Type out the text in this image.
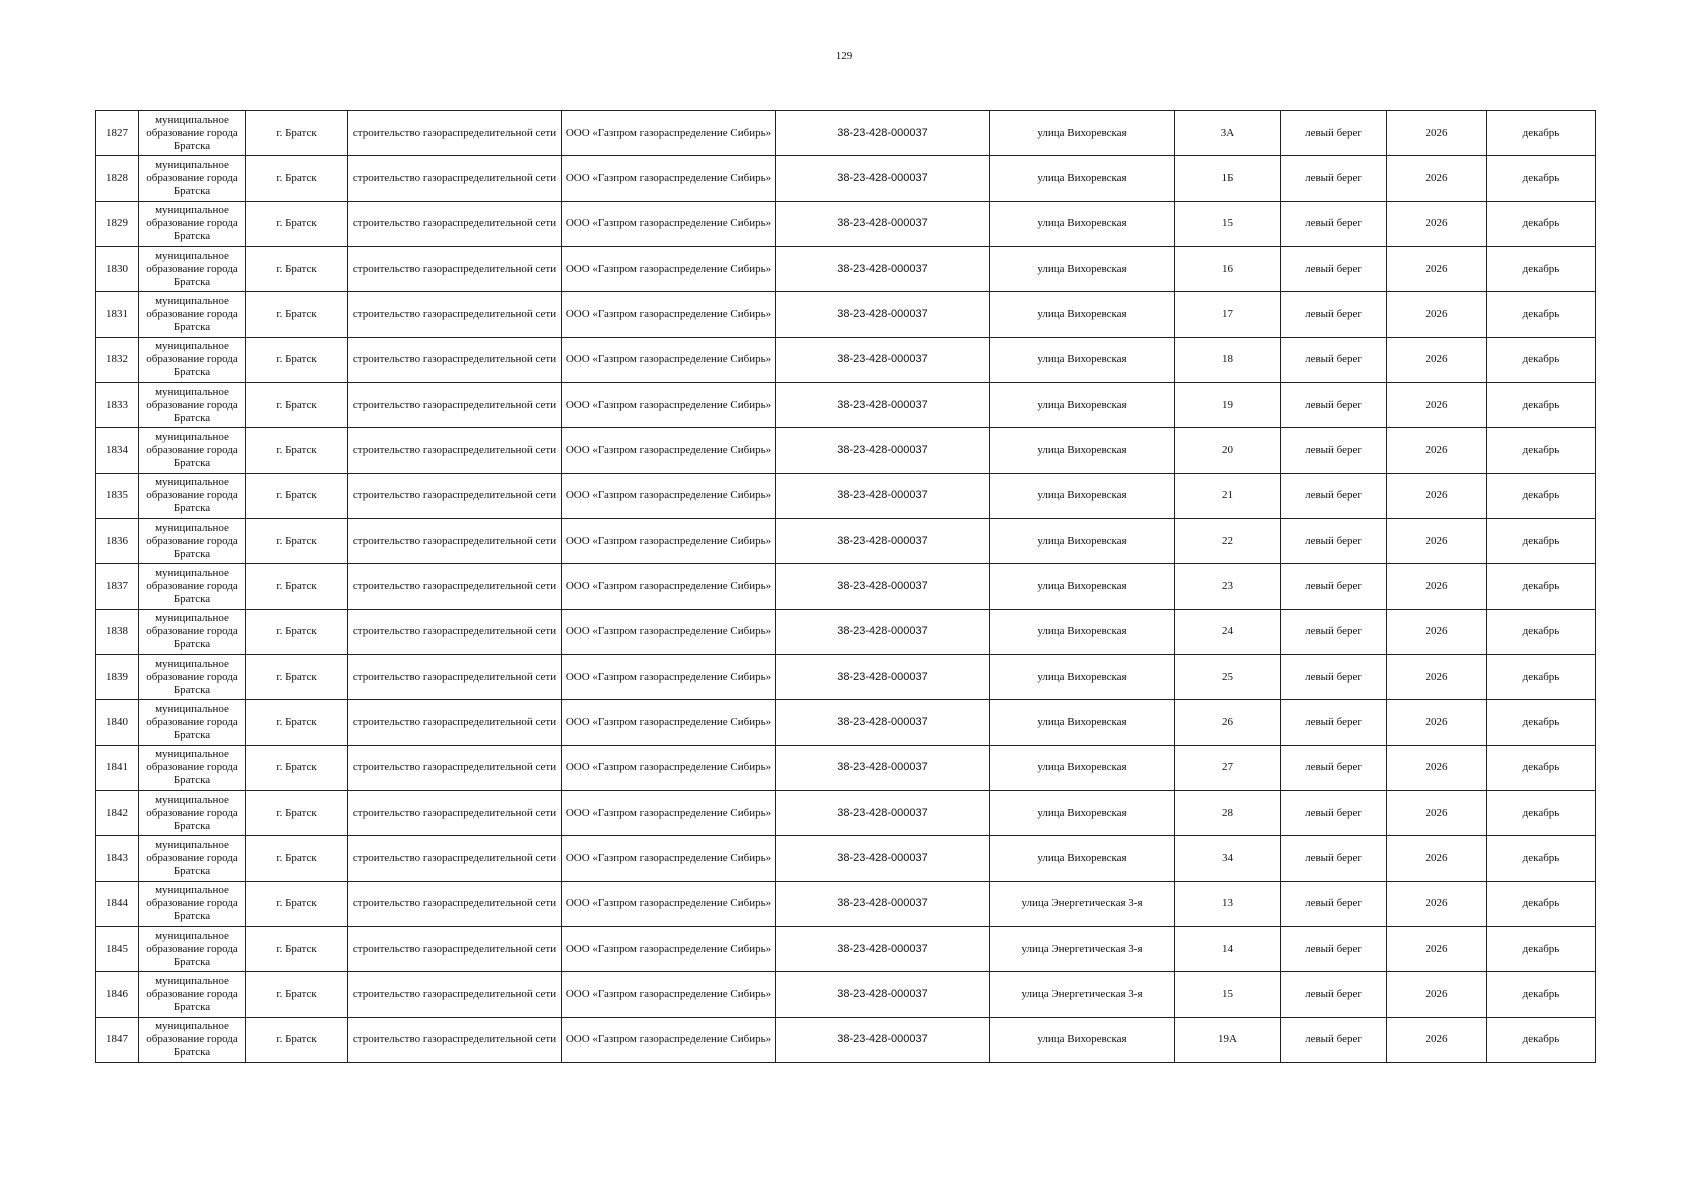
129
1827	муниципальное образование города Братска	г. Братск	строительство газораспределительной сети	ООО «Газпром газораспределение Сибирь»	38-23-428-000037	улица Вихоревская	3А	левый берег	2026	декабрь
1828	муниципальное образование города Братска	г. Братск	строительство газораспределительной сети	ООО «Газпром газораспределение Сибирь»	38-23-428-000037	улица Вихоревская	1Б	левый берег	2026	декабрь
1829	муниципальное образование города Братска	г. Братск	строительство газораспределительной сети	ООО «Газпром газораспределение Сибирь»	38-23-428-000037	улица Вихоревская	15	левый берег	2026	декабрь
1830	муниципальное образование города Братска	г. Братск	строительство газораспределительной сети	ООО «Газпром газораспределение Сибирь»	38-23-428-000037	улица Вихоревская	16	левый берег	2026	декабрь
1831	муниципальное образование города Братска	г. Братск	строительство газораспределительной сети	ООО «Газпром газораспределение Сибирь»	38-23-428-000037	улица Вихоревская	17	левый берег	2026	декабрь
1832	муниципальное образование города Братска	г. Братск	строительство газораспределительной сети	ООО «Газпром газораспределение Сибирь»	38-23-428-000037	улица Вихоревская	18	левый берег	2026	декабрь
1833	муниципальное образование города Братска	г. Братск	строительство газораспределительной сети	ООО «Газпром газораспределение Сибирь»	38-23-428-000037	улица Вихоревская	19	левый берег	2026	декабрь
1834	муниципальное образование города Братска	г. Братск	строительство газораспределительной сети	ООО «Газпром газораспределение Сибирь»	38-23-428-000037	улица Вихоревская	20	левый берег	2026	декабрь
1835	муниципальное образование города Братска	г. Братск	строительство газораспределительной сети	ООО «Газпром газораспределение Сибирь»	38-23-428-000037	улица Вихоревская	21	левый берег	2026	декабрь
1836	муниципальное образование города Братска	г. Братск	строительство газораспределительной сети	ООО «Газпром газораспределение Сибирь»	38-23-428-000037	улица Вихоревская	22	левый берег	2026	декабрь
1837	муниципальное образование города Братска	г. Братск	строительство газораспределительной сети	ООО «Газпром газораспределение Сибирь»	38-23-428-000037	улица Вихоревская	23	левый берег	2026	декабрь
1838	муниципальное образование города Братска	г. Братск	строительство газораспределительной сети	ООО «Газпром газораспределение Сибирь»	38-23-428-000037	улица Вихоревская	24	левый берег	2026	декабрь
1839	муниципальное образование города Братска	г. Братск	строительство газораспределительной сети	ООО «Газпром газораспределение Сибирь»	38-23-428-000037	улица Вихоревская	25	левый берег	2026	декабрь
1840	муниципальное образование города Братска	г. Братск	строительство газораспределительной сети	ООО «Газпром газораспределение Сибирь»	38-23-428-000037	улица Вихоревская	26	левый берег	2026	декабрь
1841	муниципальное образование города Братска	г. Братск	строительство газораспределительной сети	ООО «Газпром газораспределение Сибирь»	38-23-428-000037	улица Вихоревская	27	левый берег	2026	декабрь
1842	муниципальное образование города Братска	г. Братск	строительство газораспределительной сети	ООО «Газпром газораспределение Сибирь»	38-23-428-000037	улица Вихоревская	28	левый берег	2026	декабрь
1843	муниципальное образование города Братска	г. Братск	строительство газораспределительной сети	ООО «Газпром газораспределение Сибирь»	38-23-428-000037	улица Вихоревская	34	левый берег	2026	декабрь
1844	муниципальное образование города Братска	г. Братск	строительство газораспределительной сети	ООО «Газпром газораспределение Сибирь»	38-23-428-000037	улица Энергетическая 3-я	13	левый берег	2026	декабрь
1845	муниципальное образование города Братска	г. Братск	строительство газораспределительной сети	ООО «Газпром газораспределение Сибирь»	38-23-428-000037	улица Энергетическая 3-я	14	левый берег	2026	декабрь
1846	муниципальное образование города Братска	г. Братск	строительство газораспределительной сети	ООО «Газпром газораспределение Сибирь»	38-23-428-000037	улица Энергетическая 3-я	15	левый берег	2026	декабрь
1847	муниципальное образование города Братска	г. Братск	строительство газораспределительной сети	ООО «Газпром газораспределение Сибирь»	38-23-428-000037	улица Вихоревская	19А	левый берег	2026	декабрь
